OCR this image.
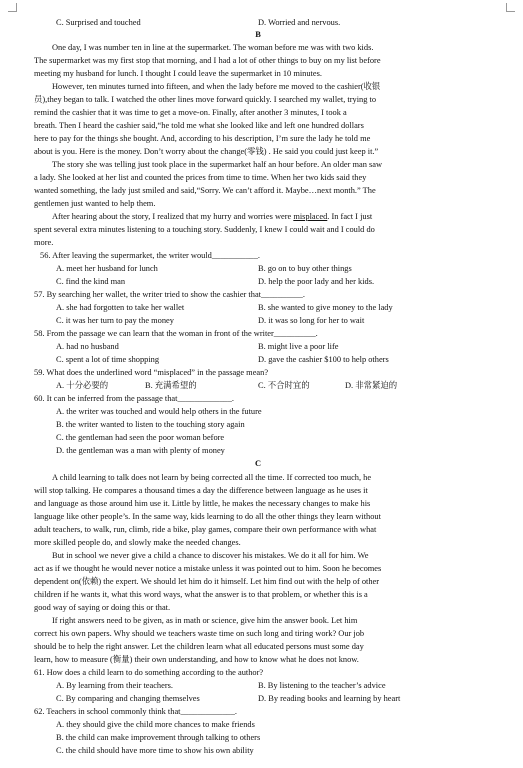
C. Surprised and touched	D. Worried and nervous.
B
One day, I was number ten in line at the supermarket. The woman before me was with two kids.
The supermarket was my first stop that morning, and I had a lot of other things to buy on my list before
meeting my husband for lunch. I thought I could leave the supermarket in 10 minutes.
However, ten minutes turned into fifteen, and when the lady before me moved to the cashier(收银
员),they began to talk. I watched the other lines move forward quickly. I searched my wallet, trying to
remind the cashier that it was time to get a move-on. Finally, after another 3 minutes, I took a
breath. Then I heard the cashier said,“he told me what she looked like and left one hundred dollars
here to pay for the things she bought. And, according to his description, I’m sure the lady he told me
about is you. Here is the money. Don’t worry about the change(零钱) . He said you could just keep it.”
The story she was telling just took place in the supermarket half an hour before. An older man saw
a lady. She looked at her list and counted the prices from time to time. When her two kids said they
wanted something, the lady just smiled and said,“Sorry. We can’t afford it. Maybe…next month.” The
gentlemen just wanted to help them.
After hearing about the story, I realized that my hurry and worries were misplaced. In fact I just
spent several extra minutes listening to a touching story. Suddenly, I knew I could wait and I could do
more.
56. After leaving the supermarket, the writer would___________.
A. meet her husband for lunch	B. go on to buy other things
C. find the kind man	D. help the poor lady and her kids.
57. By searching her wallet, the writer tried to show the cashier that__________.
A. she had forgotten to take her wallet	B. she wanted to give money to the lady
C. it was her turn to pay the money	D. it was so long for her to wait
58. From the passage we can learn that the woman in front of the writer__________.
A. had no husband	B. might live a poor life
C. spent a lot of time shopping	D. gave the cashier $100 to help others
59. What does the underlined word “misplaced” in the passage mean?
A. 十分必要的	B. 充满希望的	C. 不合时宜的	D. 非常紧迫的
60. It can be inferred from the passage that_____________.
A. the writer was touched and would help others in the future
B. the writer wanted to listen to the touching story again
C. the gentleman had seen the poor woman before
D. the gentleman was a man with plenty of money
C
A child learning to talk does not learn by being corrected all the time. If corrected too much, he
will stop talking. He compares a thousand times a day the difference between language as he uses it
and language as those around him use it. Little by little, he makes the necessary changes to make his
language like other people’s. In the same way, kids learning to do all the other things they learn without
adult teachers, to walk, run, climb, ride a bike, play games, compare their own performance with what
more skilled people do, and slowly make the needed changes.
But in school we never give a child a chance to discover his mistakes. We do it all for him. We
act as if we thought he would never notice a mistake unless it was pointed out to him. Soon he becomes
dependent on(依赖) the expert. We should let him do it himself. Let him find out with the help of other
children if he wants it, what this word ways, what the answer is to that problem, or whether this is a
good way of saying or doing this or that.
If right answers need to be given, as in math or science, give him the answer book. Let him
correct his own papers. Why should we teachers waste time on such long and tiring work? Our job
should be to help the right answer. Let the children learn what all educated persons must some day
learn, how to measure (衡量) their own understanding, and how to know what he does not know.
61. How does a child learn to do something according to the author?
A. By learning from their teachers.	B. By listening to the teacher’s advice
C. By comparing and changing themselves	D. By reading books and learning by heart
62. Teachers in school commonly think that_____________.
A. they should give the child more chances to make friends
B. the child can make improvement through talking to others
C. the child should have more time to show his own ability
